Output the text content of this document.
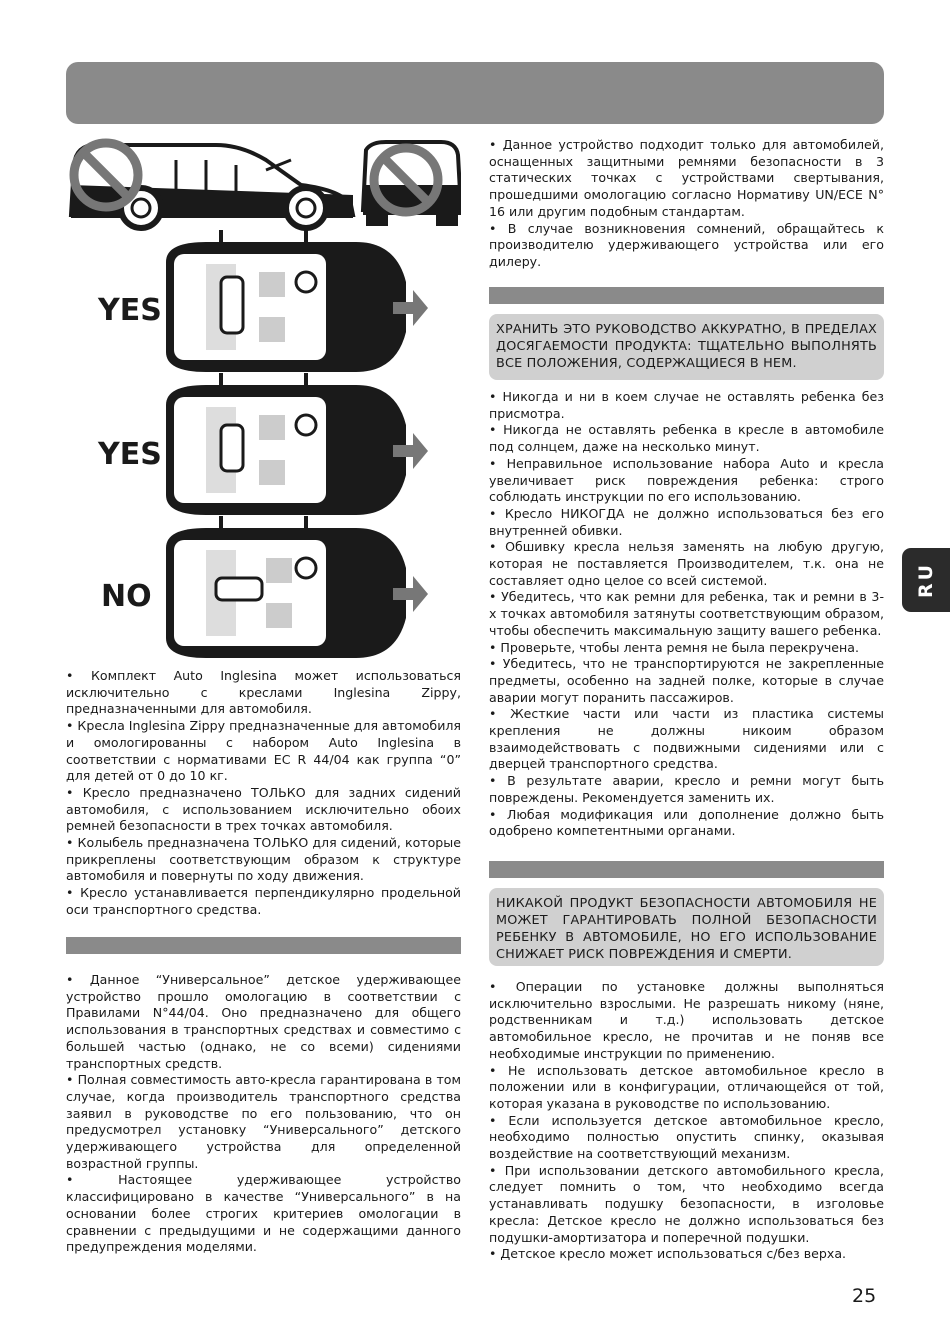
YES
YES
NO

• Комплект Auto Inglesina может использоваться исключительно с креслами Inglesina Zippy, предназначенными для автомобиля.

• Кресла Inglesina Zippy предназначенные для автомобиля и омологированны с набором Auto Inglesina в соответствии с нормативами ЕС R 44/04 как группа “0” для детей от 0 до 10 кг.

• Кресло предназначено ТОЛЬКО для задних сидений автомобиля, с использованием исключительно обоих ремней безопасности в трех точках автомобиля.

• Колыбель предназначена ТОЛЬКО для сидений, которые прикреплены соответствующим образом к структуре автомобиля и повернуты по ходу движения.

• Кресло устанавливается перпендикулярно продельной оси транспортного средства.

• Данное “Универсальное” детское удерживающее устройство прошло омологацию в соответствии с Правилами N°44/04. Оно предназначено для общего использования в транспортных средствах и совместимо с большей частью (однако, не со всеми) сидениями транспортных средств.

• Полная совместимость авто-кресла гарантирована в том случае, когда производитель транспортного средства заявил в руководстве по его пользованию, что он предусмотрел установку “Универсального” детского удерживающего устройства для определенной возрастной группы.

• Настоящее удерживающее устройство классифицировано в качестве “Универсального” в на основании более строгих критериев омологации в сравнении с предыдущими и не содержащими данного предупреждения моделями.

• Данное устройство подходит только для автомобилей, оснащенных защитными ремнями безопасности в 3 статических точках с устройствами свертывания, прошедшими омологацию согласно Нормативу UN/ECE N° 16 или другим подобным стандартам.

• В случае возникновения сомнений, обращайтесь к производителю удерживающего устройства или его дилеру.

ХРАНИТЬ ЭТО РУКОВОДСТВО АККУРАТНО, В ПРЕДЕЛАХ ДОСЯГАЕМОСТИ ПРОДУКТА: ТЩАТЕЛЬНО ВЫПОЛНЯТЬ ВСЕ ПОЛОЖЕНИЯ, СОДЕРЖАЩИЕСЯ В НЕМ.

• Никогда и ни в коем случае не оставлять ребенка без присмотра.

• Никогда не оставлять ребенка в кресле в автомобиле под солнцем, даже на несколько минут.

• Неправильное использование набора Auto и кресла увеличивает риск повреждения ребенка: строго соблюдать инструкции по его использованию.

• Кресло НИКОГДА не должно использоваться без его внутренней обивки.

• Обшивку кресла нельзя заменять на любую другую, которая не поставляется Производителем, т.к. она не составляет одно целое со всей системой.

• Убедитесь, что как ремни для ребенка, так и ремни в 3-х точках автомобиля затянуты соответствующим образом, чтобы обеспечить максимальную защиту вашего ребенка.

• Проверьте, чтобы лента ремня не была перекручена.

• Убедитесь, что не транспортируются не закрепленные предметы, особенно на задней полке, которые в случае аварии могут поранить пассажиров.

• Жесткие части или части из пластика системы крепления не должны никоим образом взаимодействовать с подвижными сидениями или с дверцей транспортного средства.

• В результате аварии, кресло и ремни могут быть повреждены. Рекомендуется заменить их.

• Любая модификация или дополнение должно быть одобрено компетентными органами.

НИКАКОЙ ПРОДУКТ БЕЗОПАСНОСТИ АВТОМОБИЛЯ НЕ МОЖЕТ ГАРАНТИРОВАТЬ ПОЛНОЙ БЕЗОПАСНОСТИ РЕБЕНКУ В АВТОМОБИЛЕ, НО ЕГО ИСПОЛЬЗОВАНИЕ СНИЖАЕТ РИСК ПОВРЕЖДЕНИЯ И СМЕРТИ.

• Операции по установке должны выполняться исключительно взрослыми. Не разрешать никому (няне, родственникам и т.д.) использовать детское автомобильное кресло, не прочитав и не поняв все необходимые инструкции по применению.

• Не использовать детское автомобильное кресло в положении или в конфигурации, отличающейся от той, которая указана в руководстве по использованию.

• Если используется детское автомобильное кресло, необходимо полностью опустить спинку, оказывая воздействие на соответствующий механизм.

• При использовании детского автомобильного кресла, следует помнить о том, что необходимо всегда устанавливать подушку безопасности, в изголовье кресла: Детское кресло не должно использоваться без подушки-амортизатора и поперечной подушки.

• Детское кресло может использоваться с/без верха.

RU
25
